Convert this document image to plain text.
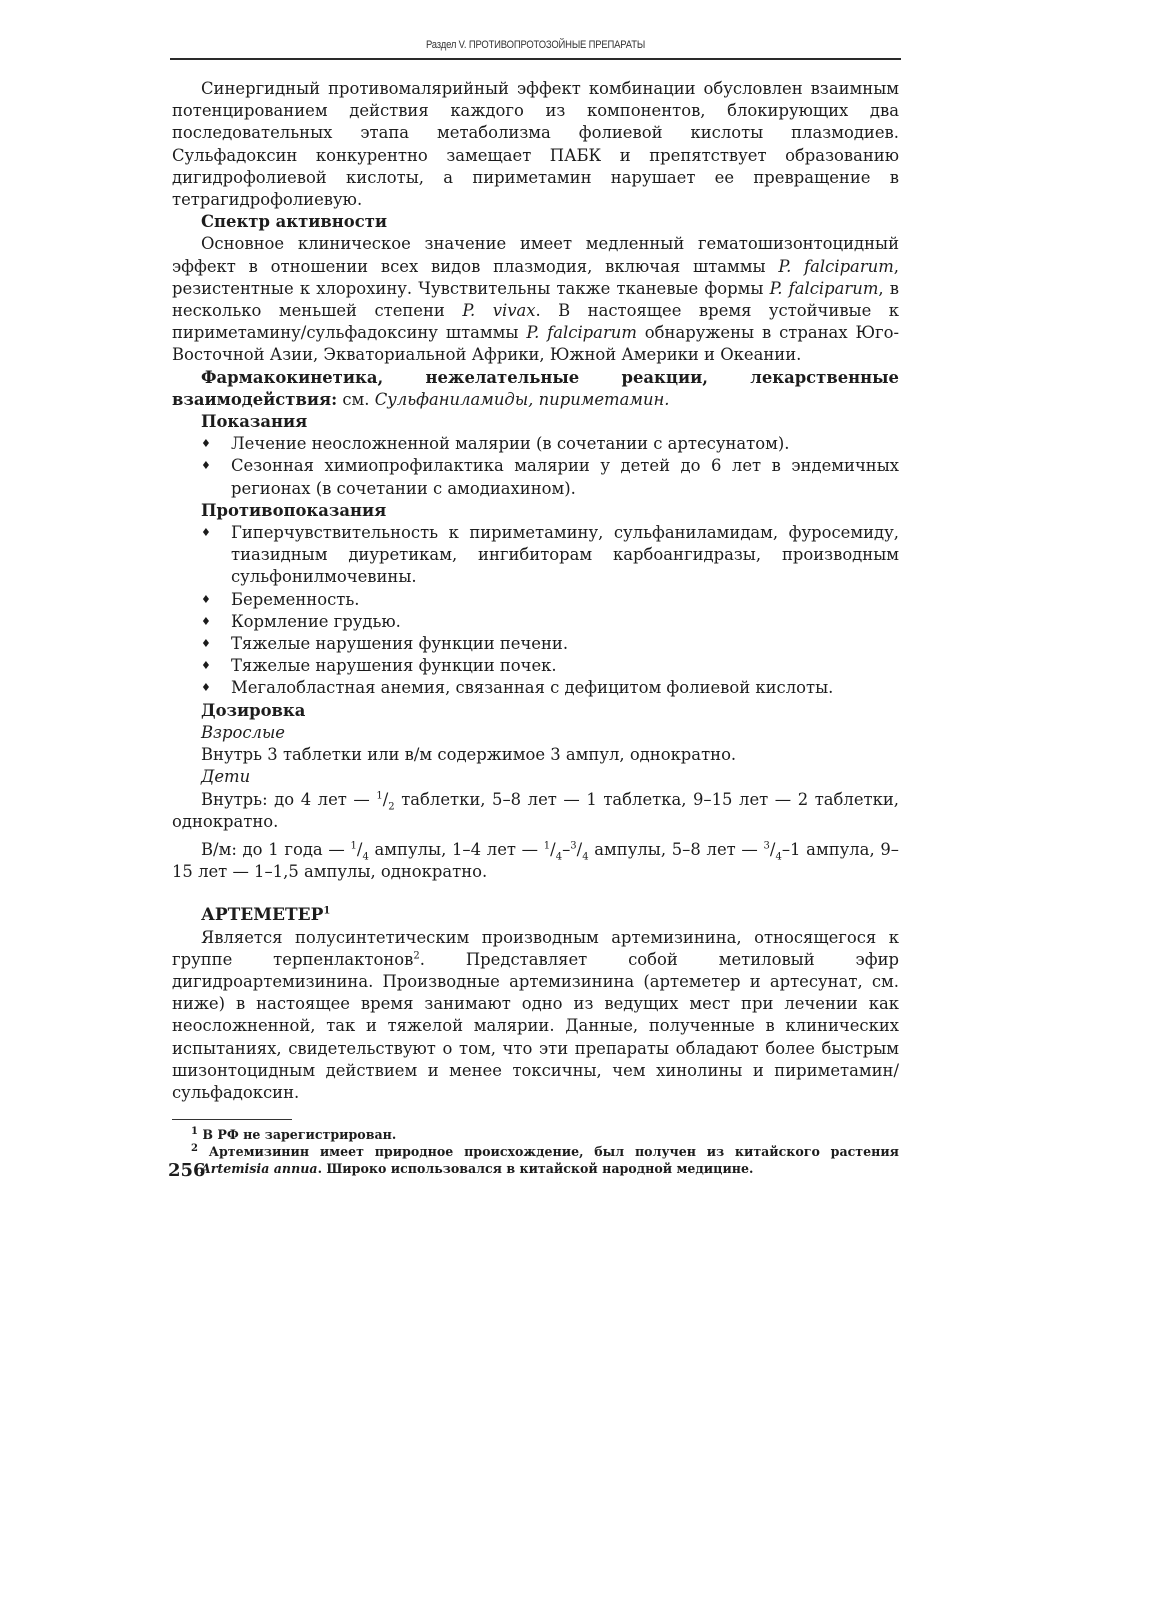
Раздел V. ПРОТИВОПРОТОЗОЙНЫЕ ПРЕПАРАТЫ

Синергидный противомалярийный эффект комбинации обусловлен взаимным потенцированием действия каждого из компонентов, блокирующих два последовательных этапа метаболизма фолиевой кислоты плазмодиев. Сульфадоксин конкурентно замещает ПАБК и препятствует образованию дигидрофолиевой кислоты, а пириметамин нарушает ее превращение в тетрагидрофолиевую.

Спектр активности

Основное клиническое значение имеет медленный гематошизонтоцидный эффект в отношении всех видов плазмодия, включая штаммы P. falciparum, резистентные к хлорохину. Чувствительны также тканевые формы P. falciparum, в несколько меньшей степени P. vivax. В настоящее время устойчивые к пириметамину/сульфадоксину штаммы P. falciparum обнаружены в странах Юго-Восточной Азии, Экваториальной Африки, Южной Америки и Океании.

Фармакокинетика, нежелательные реакции, лекарственные взаимодействия: см. Сульфаниламиды, пириметамин.

Показания

♦ Лечение неосложненной малярии (в сочетании с артесунатом).
♦ Сезонная химиопрофилактика малярии у детей до 6 лет в эндемичных регионах (в сочетании с амодиахином).

Противопоказания

♦ Гиперчувствительность к пириметамину, сульфаниламидам, фуросемиду, тиазидным диуретикам, ингибиторам карбоангидразы, производным сульфонилмочевины.
♦ Беременность.
♦ Кормление грудью.
♦ Тяжелые нарушения функции печени.
♦ Тяжелые нарушения функции почек.
♦ Мегалобластная анемия, связанная с дефицитом фолиевой кислоты.

Дозировка

Взрослые

Внутрь 3 таблетки или в/м содержимое 3 ампул, однократно.

Дети

Внутрь: до 4 лет — $^1/_2$ таблетки, 5–8 лет — 1 таблетка, 9–15 лет — 2 таблетки, однократно.

В/м: до 1 года — $^1/_4$ ампулы, 1–4 лет — $^1/_4-^3/_4$ ампулы, 5–8 лет — $^3/_4-1$ ампула, 9–15 лет — 1–1,5 ампулы, однократно.

АРТЕМЕТЕР$^1$

Является полусинтетическим производным артемизинина, относящегося к группе терпенлактонов$^2$. Представляет собой метиловый эфир дигидроартемизинина. Производные артемизинина (артеметер и артесунат, см. ниже) в настоящее время занимают одно из ведущих мест при лечении как неосложненной, так и тяжелой малярии. Данные, полученные в клинических испытаниях, свидетельствуют о том, что эти препараты обладают более быстрым шизонтоцидным действием и менее токсичны, чем хинолины и пириметамин/сульфадоксин.

$^1$ В РФ не зарегистрирован.

$^2$ Артемизинин имеет природное происхождение, был получен из китайского растения Artemisia annua. Широко использовался в китайской народной медицине.

256
